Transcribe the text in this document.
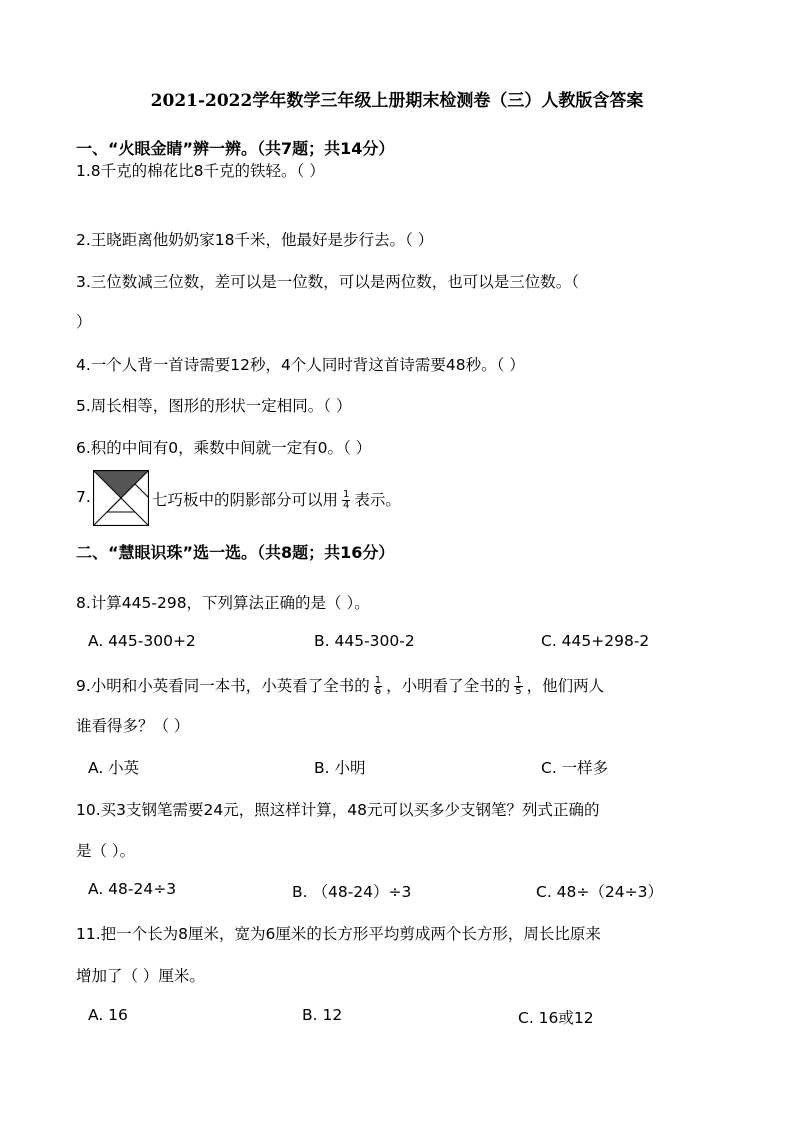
2021-2022学年数学三年级上册期末检测卷（三）人教版含答案
一、“火眼金睛”辨一辨。（共7题；共14分）
1.8千克的棉花比8千克的铁轻。（ ）
2.王晓距离他奶奶家18千米，他最好是步行去。（ ）
3.三位数减三位数，差可以是一位数，可以是两位数，也可以是三位数。（
）
4.一个人背一首诗需要12秒，4个人同时背这首诗需要48秒。（ ）
5.周长相等，图形的形状一定相同。（ ）
6.积的中间有0，乘数中间就一定有0。（ ）
7.	七巧板中的阴影部分可以用 $\frac{1}{4}$ 表示。
二、“慧眼识珠”选一选。（共8题；共16分）
8.计算445-298，下列算法正确的是（ ）。
A. 445-300+2	B. 445-300-2	C. 445+298-2
9.小明和小英看同一本书，小英看了全书的 $\frac{1}{6}$ ，小明看了全书的 $\frac{1}{5}$ ，他们两人
谁看得多？（ ）
A. 小英	B. 小明	C. 一样多
10.买3支钢笔需要24元，照这样计算，48元可以买多少支钢笔？列式正确的
是（ ）。
A. 48-24÷3	B. （48-24）÷3	C. 48÷（24÷3）
11.把一个长为8厘米，宽为6厘米的长方形平均剪成两个长方形，周长比原来
增加了（ ）厘米。
A. 16	B. 12	C. 16或12
